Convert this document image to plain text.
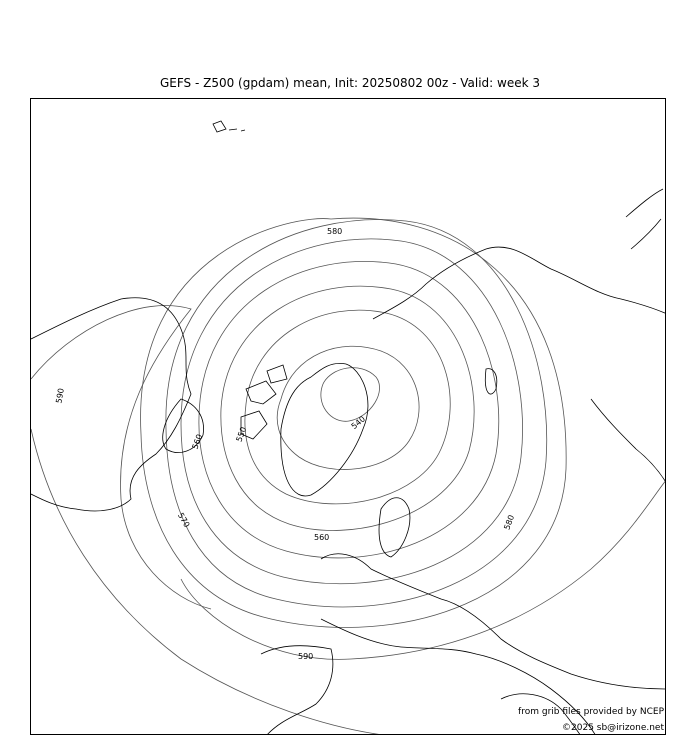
GEFS - Z500 (gpdam) mean, Init: 20250802 00z - Valid: week 3
580
590
540
550
560
560
570	580
590
from grib files provided by NCEP
©2025 sb@irizone.net
